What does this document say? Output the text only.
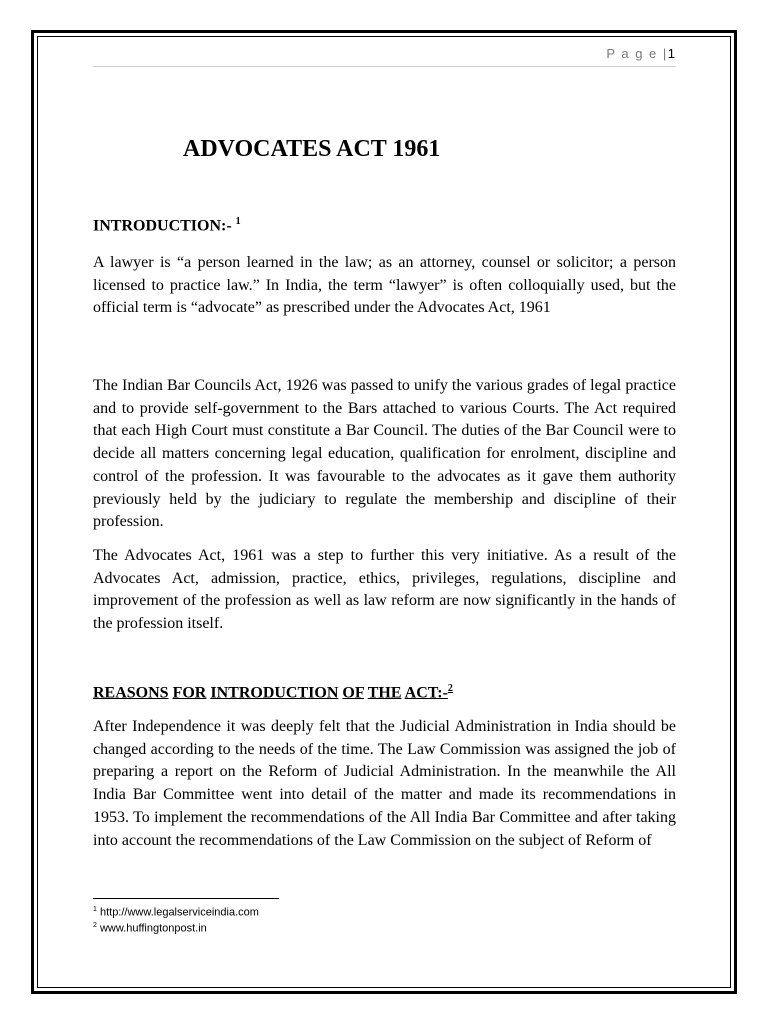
P a g e |1
ADVOCATES ACT 1961
INTRODUCTION:- $^1$
A lawyer is “a person learned in the law; as an attorney, counsel or solicitor; a person licensed to practice law.” In India, the term “lawyer” is often colloquially used, but the official term is “advocate” as prescribed under the Advocates Act, 1961
The Indian Bar Councils Act, 1926 was passed to unify the various grades of legal practice and to provide self-government to the Bars attached to various Courts. The Act required that each High Court must constitute a Bar Council. The duties of the Bar Council were to decide all matters concerning legal education, qualification for enrolment, discipline and control of the profession. It was favourable to the advocates as it gave them authority previously held by the judiciary to regulate the membership and discipline of their profession.
The Advocates Act, 1961 was a step to further this very initiative. As a result of the Advocates Act, admission, practice, ethics, privileges, regulations, discipline and improvement of the profession as well as law reform are now significantly in the hands of the profession itself.
REASONS FOR INTRODUCTION OF THE ACT:-$^2$
After Independence it was deeply felt that the Judicial Administration in India should be changed according to the needs of the time. The Law Commission was assigned the job of preparing a report on the Reform of Judicial Administration. In the meanwhile the All India Bar Committee went into detail of the matter and made its recommendations in 1953. To implement the recommendations of the All India Bar Committee and after taking into account the recommendations of the Law Commission on the subject of Reform of
$^1$ http://www.legalserviceindia.com
$^2$ www.huffingtonpost.in
